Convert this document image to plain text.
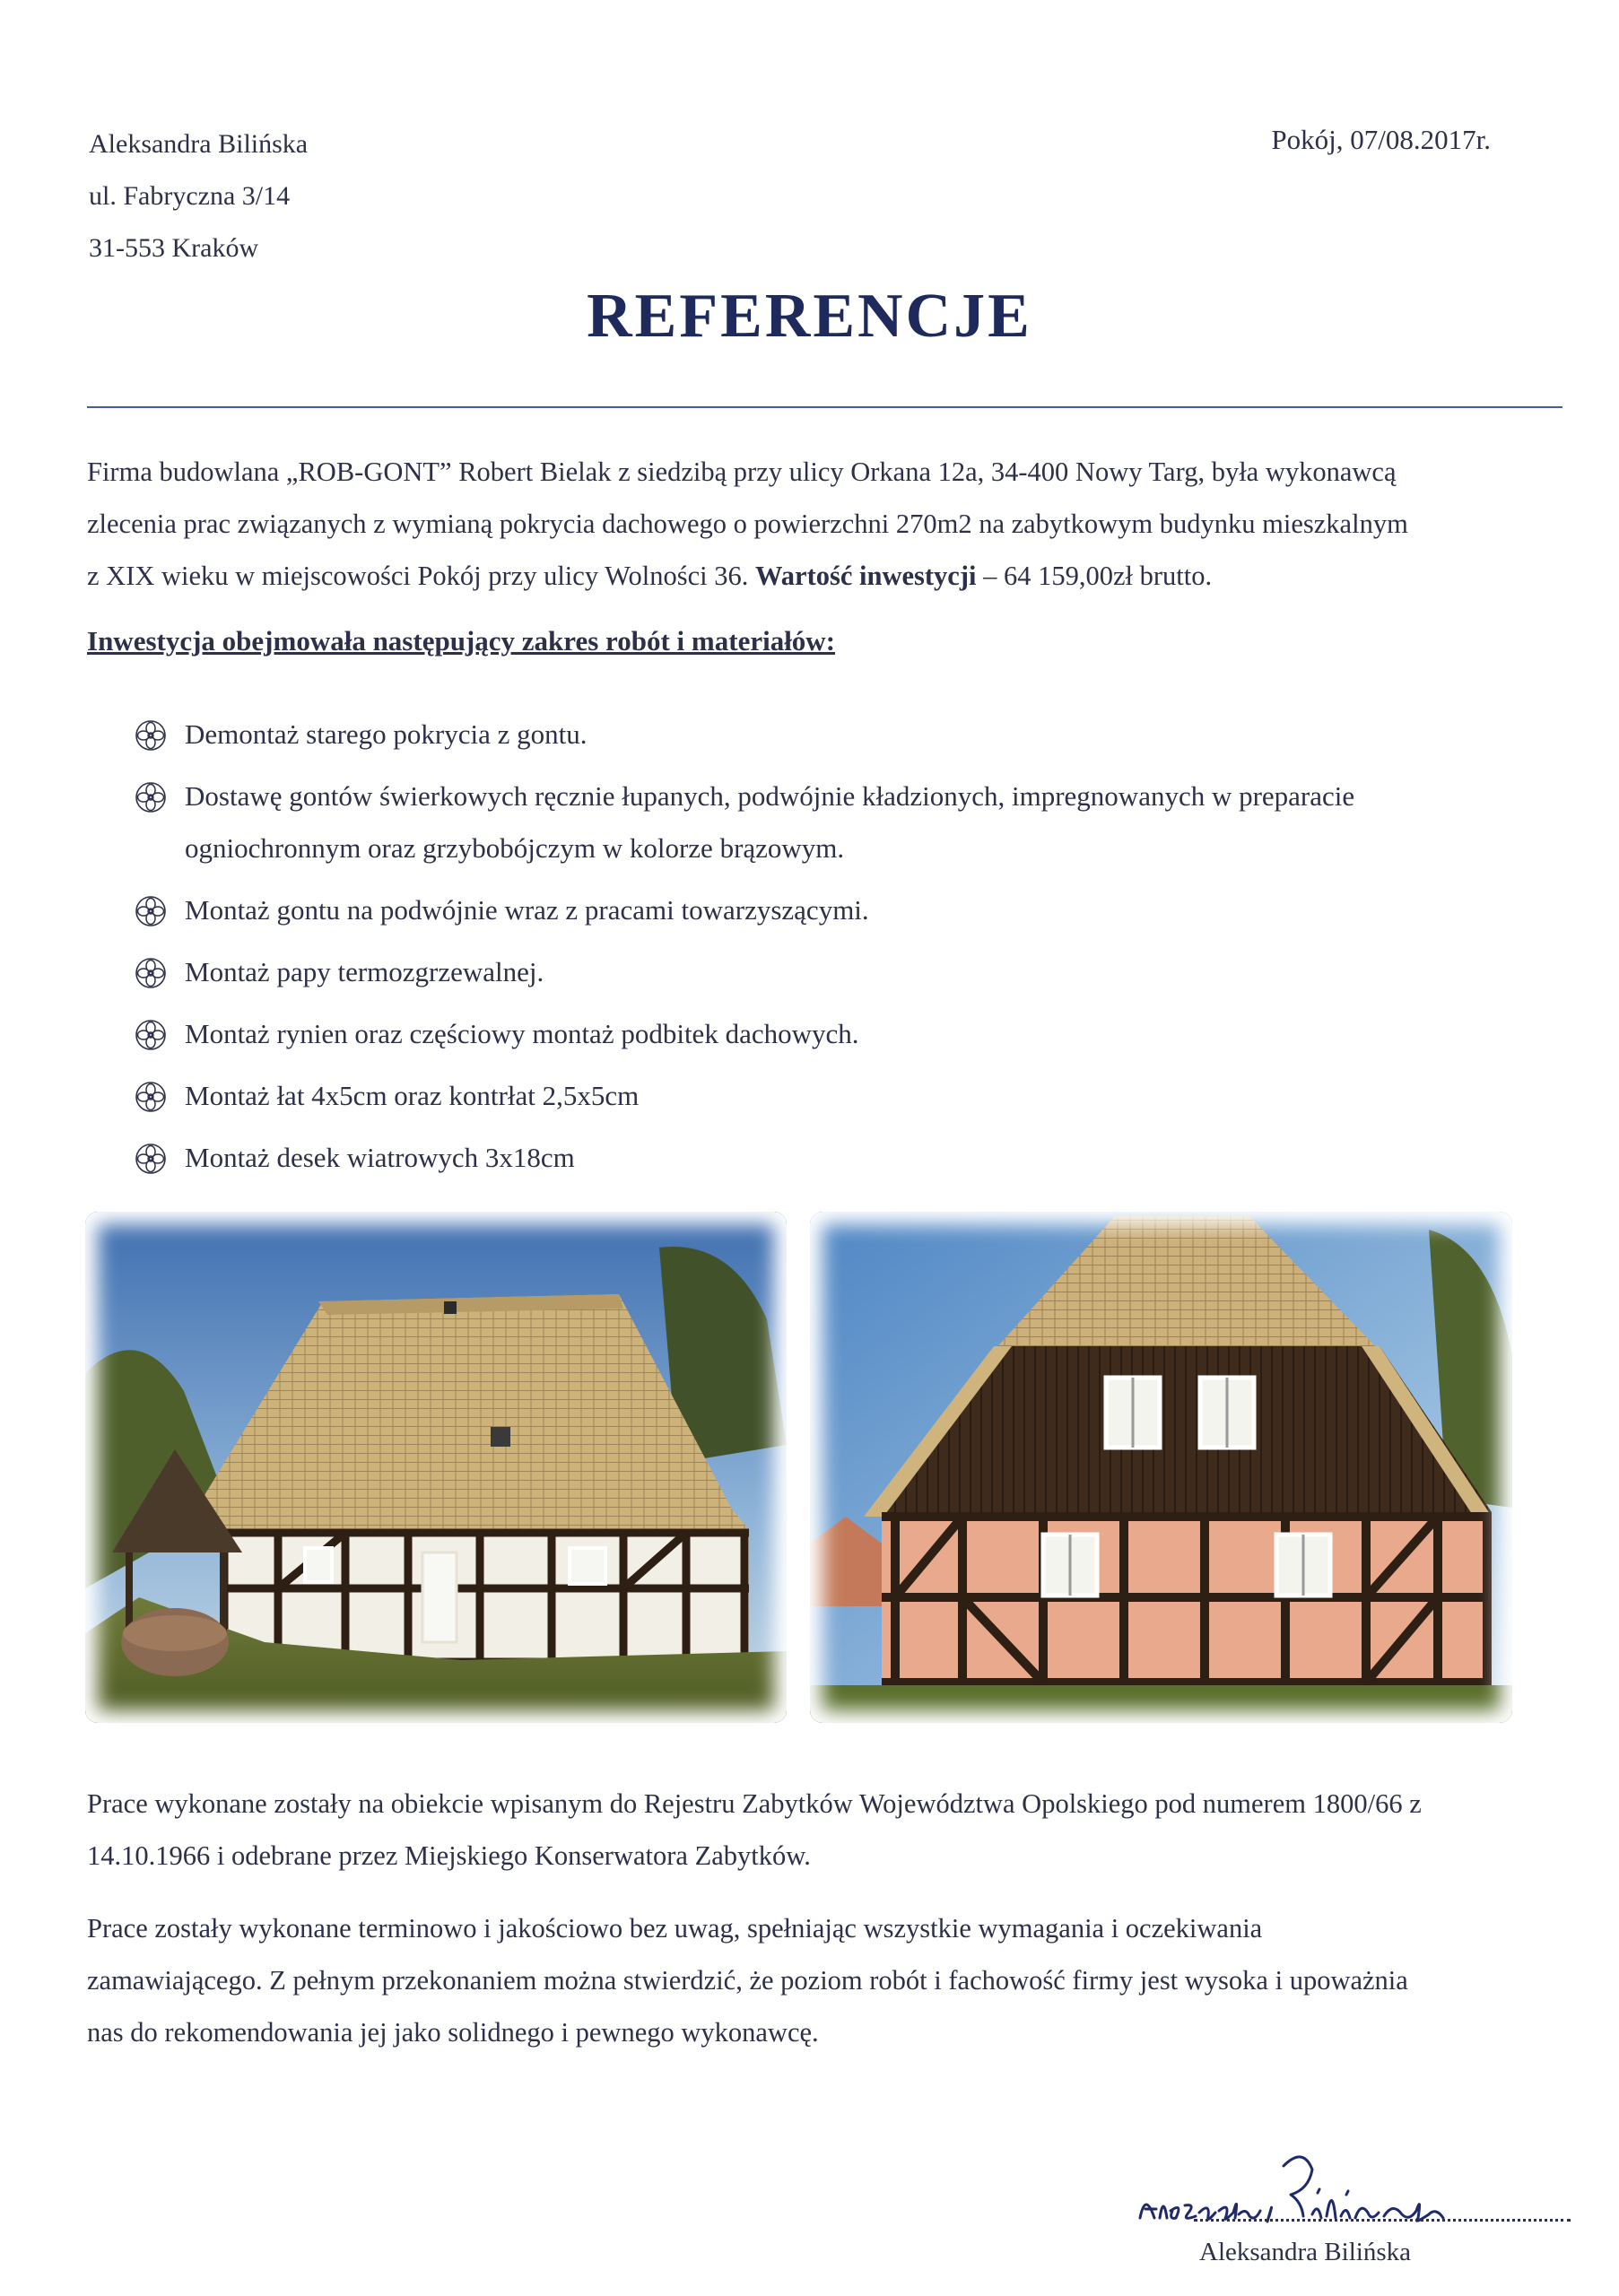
Aleksandra Bilińska
ul. Fabryczna 3/14
31-553 Kraków
Pokój, 07/08.2017r.
REFERENCJE
Firma budowlana „ROB-GONT” Robert Bielak z siedzibą przy ulicy Orkana 12a, 34-400 Nowy Targ, była wykonawcą
zlecenia prac związanych z wymianą pokrycia dachowego o powierzchni 270m2 na zabytkowym budynku mieszkalnym
z XIX wieku w miejscowości Pokój przy ulicy Wolności 36. Wartość inwestycji – 64 159,00zł brutto.
Inwestycja obejmowała następujący zakres robót i materiałów:
Demontaż starego pokrycia z gontu.
Dostawę gontów świerkowych ręcznie łupanych, podwójnie kładzionych, impregnowanych w preparacie
ogniochronnym oraz grzybobójczym w kolorze brązowym.
Montaż gontu na podwójnie wraz z pracami towarzyszącymi.
Montaż papy termozgrzewalnej.
Montaż rynien oraz częściowy montaż podbitek dachowych.
Montaż łat 4x5cm oraz kontrłat 2,5x5cm
Montaż desek wiatrowych 3x18cm
Prace wykonane zostały na obiekcie wpisanym do Rejestru Zabytków Województwa Opolskiego pod numerem 1800/66 z
14.10.1966 i odebrane przez Miejskiego Konserwatora Zabytków.
Prace zostały wykonane terminowo i jakościowo bez uwag, spełniając wszystkie wymagania i oczekiwania
zamawiającego. Z pełnym przekonaniem można stwierdzić, że poziom robót i fachowość firmy jest wysoka i upoważnia
nas do rekomendowania jej jako solidnego i pewnego wykonawcę.
Aleksandra Bilińska
